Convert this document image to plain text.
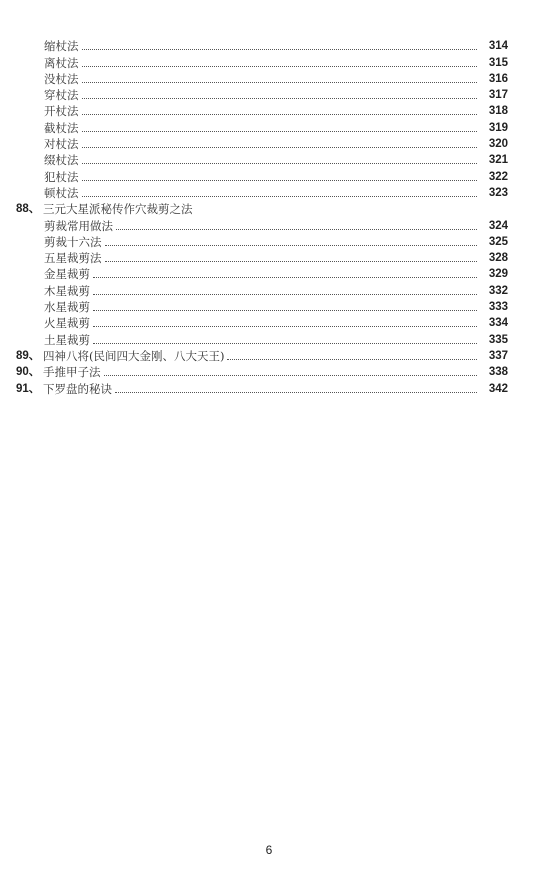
缩杖法	314
离杖法	315
没杖法	316
穿杖法	317
开杖法	318
截杖法	319
对杖法	320
缀杖法	321
犯杖法	322
顿杖法	323
88、 三元大星派秘传作穴裁剪之法
剪裁常用做法	324
剪裁十六法	325
五星裁剪法	328
金星裁剪	329
木星裁剪	332
水星裁剪	333
火星裁剪	334
土星裁剪	335
89、 四神八将(民间四大金刚、八大天王)	337
90、 手推甲子法	338
91、 下罗盘的秘诀	342
6
